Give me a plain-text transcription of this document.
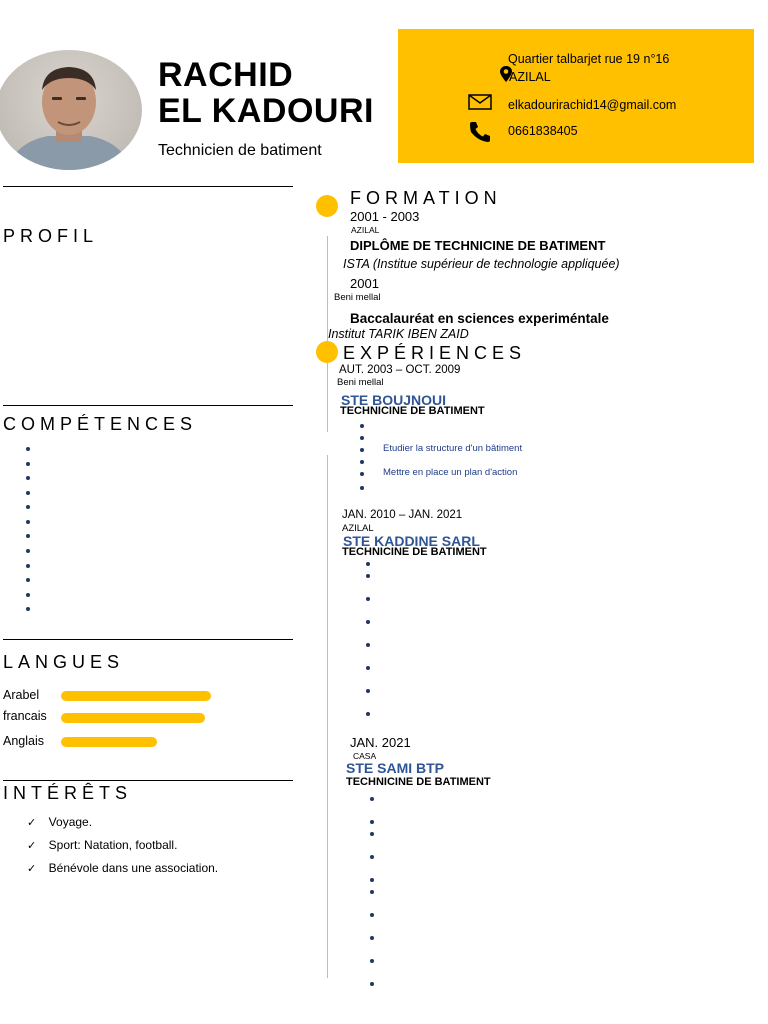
RACHID
EL KADOURI
Technicien de batiment
Quartier talbarjet rue 19 n°16
AZILAL
elkadourirachid14@gmail.com
0661838405
PROFIL
COMPÉTENCES
LANGUES
Arabel
francais
Anglais
INTÉRÊTS
✓ Voyage.
✓ Sport: Natation, football.
✓ Bénévole dans une association.
FORMATION
2001 - 2003
AZILAL
DIPLÔME DE TECHNICINE DE BATIMENT
ISTA (Institue supérieur de technologie appliquée)
2001
Beni mellal
Baccalauréat en sciences experiméntale
Institut TARIK IBEN ZAID
EXPÉRIENCES
AUT. 2003 – OCT. 2009
Beni mellal
STE BOUJNOUI
TECHNICINE DE BATIMENT
Etudier la structure d'un bâtiment
Mettre en place un plan d'action
JAN. 2010 – JAN. 2021
AZILAL
STE KADDINE SARL
TECHNICINE DE BATIMENT
JAN. 2021
CASA
STE SAMI BTP
TECHNICINE DE BATIMENT
